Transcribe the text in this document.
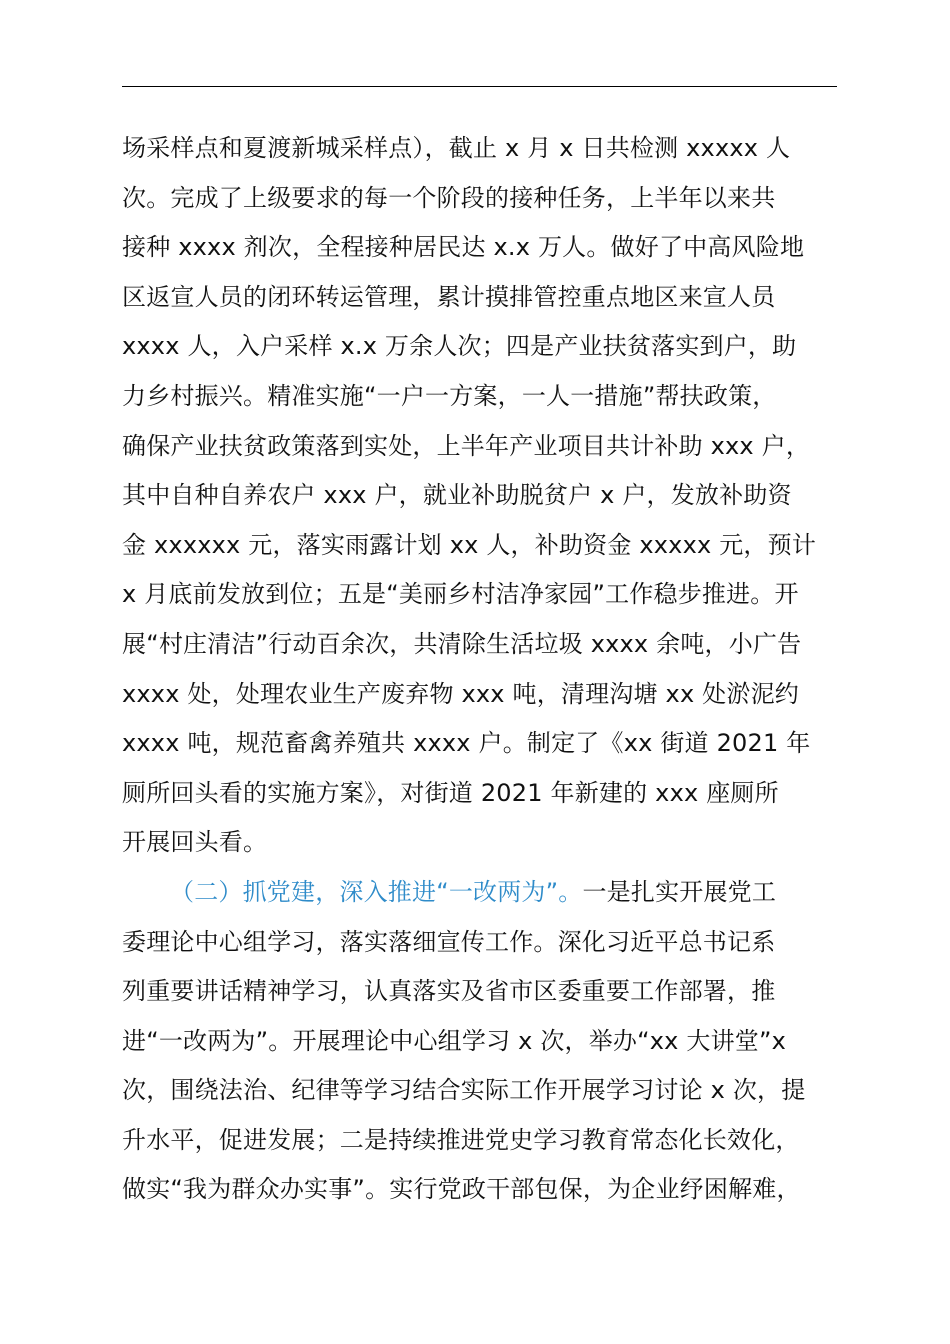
场采样点和夏渡新城采样点），截止 x 月 x 日共检测 xxxxx 人
次。完成了上级要求的每一个阶段的接种任务，上半年以来共
接种 xxxx 剂次，全程接种居民达 x.x 万人。做好了中高风险地
区返宣人员的闭环转运管理，累计摸排管控重点地区来宣人员
xxxx 人，入户采样 x.x 万余人次；四是产业扶贫落实到户，助
力乡村振兴。精准实施“一户一方案，一人一措施”帮扶政策，
确保产业扶贫政策落到实处，上半年产业项目共计补助 xxx 户，
其中自种自养农户 xxx 户，就业补助脱贫户 x 户，发放补助资
金 xxxxxx 元，落实雨露计划 xx 人，补助资金 xxxxx 元，预计
x 月底前发放到位；五是“美丽乡村洁净家园”工作稳步推进。开
展“村庄清洁”行动百余次，共清除生活垃圾 xxxx 余吨，小广告
xxxx 处，处理农业生产废弃物 xxx 吨，清理沟塘 xx 处淤泥约
xxxx 吨，规范畜禽养殖共 xxxx 户。制定了《xx 街道 2021 年
厕所回头看的实施方案》，对街道 2021 年新建的 xxx 座厕所
开展回头看。
（二）抓党建，深入推进“一改两为”。一是扎实开展党工
委理论中心组学习，落实落细宣传工作。深化习近平总书记系
列重要讲话精神学习，认真落实及省市区委重要工作部署，推
进“一改两为”。开展理论中心组学习 x 次，举办“xx 大讲堂”x
次，围绕法治、纪律等学习结合实际工作开展学习讨论 x 次，提
升水平，促进发展；二是持续推进党史学习教育常态化长效化，
做实“我为群众办实事”。实行党政干部包保，为企业纾困解难，
